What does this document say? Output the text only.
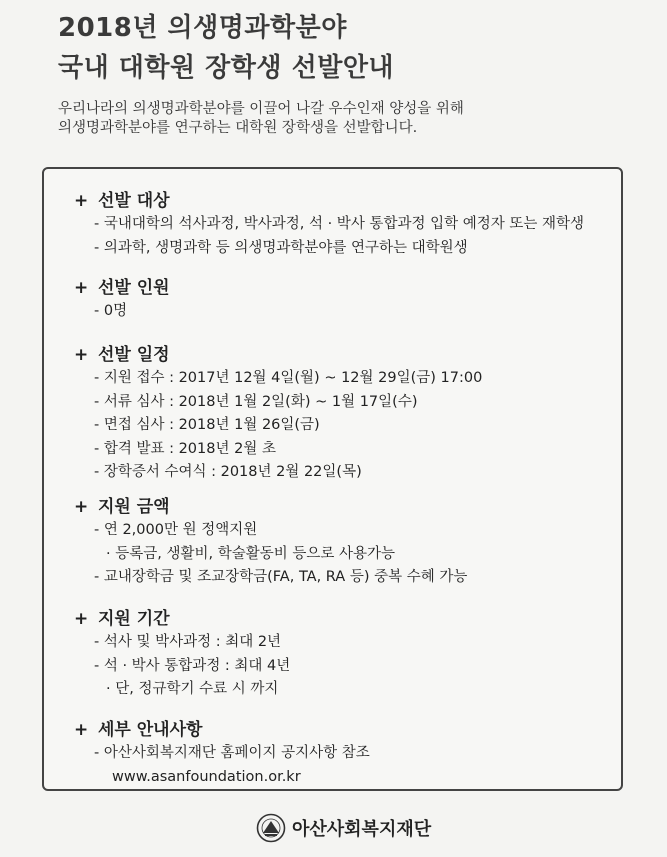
2018년 의생명과학분야
국내 대학원 장학생 선발안내
우리나라의 의생명과학분야를 이끌어 나갈 우수인재 양성을 위해
의생명과학분야를 연구하는 대학원 장학생을 선발합니다.
+ 선발 대상
- 국내대학의 석사과정, 박사과정, 석 · 박사 통합과정 입학 예정자 또는 재학생
- 의과학, 생명과학 등 의생명과학분야를 연구하는 대학원생
+ 선발 인원
- 0명
+ 선발 일정
- 지원 접수 : 2017년 12월 4일(월) ~ 12월 29일(금) 17:00
- 서류 심사 : 2018년 1월 2일(화) ~ 1월 17일(수)
- 면접 심사 : 2018년 1월 26일(금)
- 합격 발표 : 2018년 2월 초
- 장학증서 수여식 : 2018년 2월 22일(목)
+ 지원 금액
- 연 2,000만 원 정액지원
· 등록금, 생활비, 학술활동비 등으로 사용가능
- 교내장학금 및 조교장학금(FA, TA, RA 등) 중복 수혜 가능
+ 지원 기간
- 석사 및 박사과정 : 최대 2년
- 석 · 박사 통합과정 : 최대 4년
· 단, 정규학기 수료 시 까지
+ 세부 안내사항
- 아산사회복지재단 홈페이지 공지사항 참조
www.asanfoundation.or.kr
아산사회복지재단
